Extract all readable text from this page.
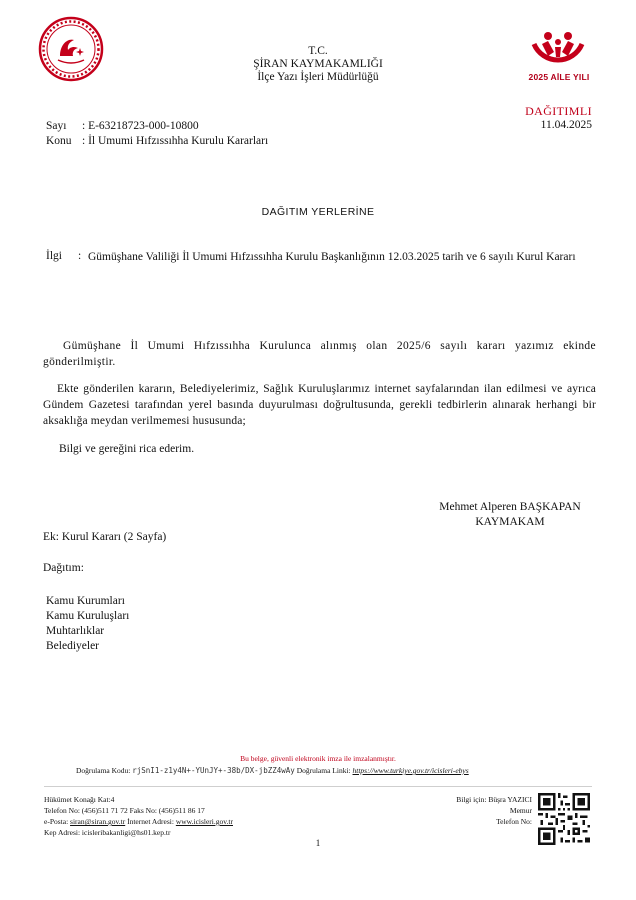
2025 AİLE YILI
T.C.
ŞİRAN KAYMAKAMLIĞI
İlçe Yazı İşleri Müdürlüğü
DAĞITIMLI
11.04.2025
Sayı : E-63218723-000-10800
Konu : İl Umumi Hıfzıssıhha Kurulu Kararları
DAĞITIM YERLERİNE
İlgi : Gümüşhane Valiliği İl Umumi Hıfzıssıhha Kurulu Başkanlığının 12.03.2025 tarih ve 6 sayılı Kurul Kararı
Gümüşhane İl Umumi Hıfzıssıhha Kurulunca alınmış olan 2025/6 sayılı kararı yazımız ekinde gönderilmiştir.
Ekte gönderilen kararın, Belediyelerimiz, Sağlık Kuruluşlarımız internet sayfalarından ilan edilmesi ve ayrıca Gündem Gazetesi tarafından yerel basında duyurulması doğrultusunda, gerekli tedbirlerin alınarak herhangi bir aksaklığa meydan verilmemesi hususunda;
Bilgi ve gereğini rica ederim.
Mehmet Alperen BAŞKAPAN
KAYMAKAM
Ek: Kurul Kararı (2 Sayfa)
Dağıtım:
Kamu Kurumları
Kamu Kuruluşları
Muhtarlıklar
Belediyeler
Bu belge, güvenli elektronik imza ile imzalanmıştır.
Doğrulama Kodu: rjSnI1-z1y4N+-YUnJY+-38b/DX-jbZZ4wAy Doğrulama Linki: https://www.turkiye.gov.tr/icisleri-ebys
Hükümet Konağı Kat:4
Telefon No: (456)511 71 72 Faks No: (456)511 86 17
e-Posta: siran@siran.gov.tr İnternet Adresi: www.icisleri.gov.tr
Kep Adresi: icisleribakanligi@hs01.kep.tr
Bilgi için: Büşra YAZICI
Memur
Telefon No:
1
